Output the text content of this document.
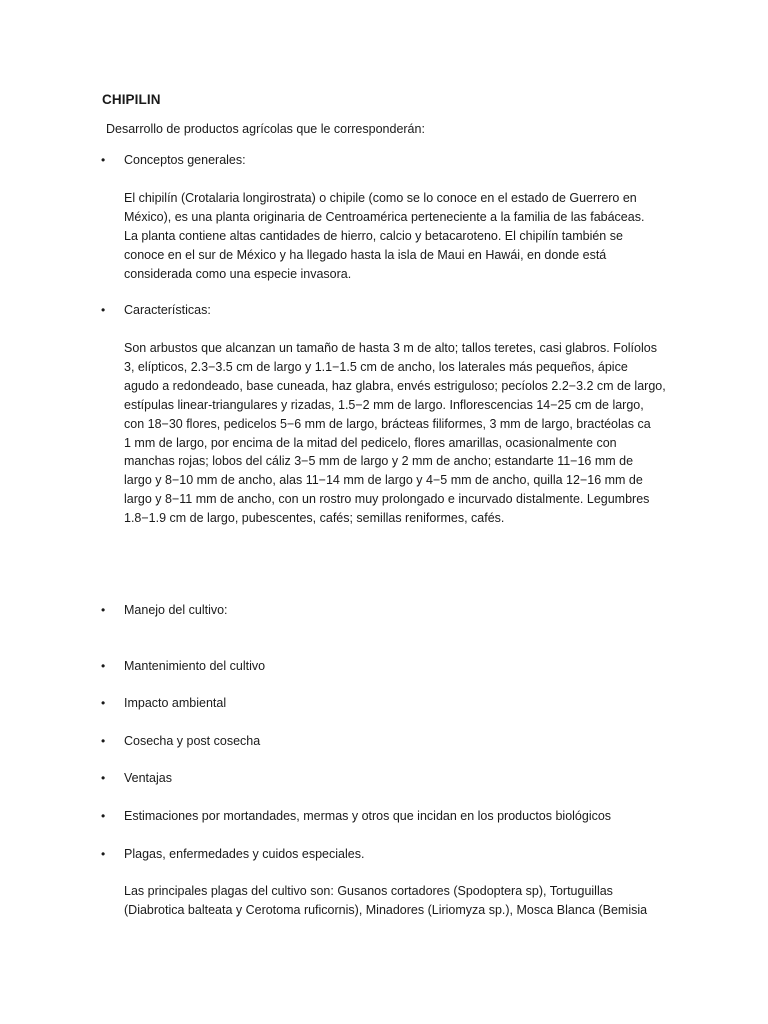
CHIPILIN
Desarrollo de productos agrícolas que le corresponderán:
• Conceptos generales:
El chipilín (Crotalaria longirostrata) o chipile (como se lo conoce en el estado de Guerrero en
México), es una planta originaria de Centroamérica perteneciente a la familia de las fabáceas.
La planta contiene altas cantidades de hierro, calcio y betacaroteno. El chipilín también se
conoce en el sur de México y ha llegado hasta la isla de Maui en Hawái, en donde está
considerada como una especie invasora.
• Características:
Son arbustos que alcanzan un tamaño de hasta 3 m de alto; tallos teretes, casi glabros. Folíolos
3, elípticos, 2.3−3.5 cm de largo y 1.1−1.5 cm de ancho, los laterales más pequeños, ápice
agudo a redondeado, base cuneada, haz glabra, envés estriguloso; pecíolos 2.2−3.2 cm de largo,
estípulas linear-triangulares y rizadas, 1.5−2 mm de largo. Inflorescencias 14−25 cm de largo,
con 18−30 flores, pedicelos 5−6 mm de largo, brácteas filiformes, 3 mm de largo, bractéolas ca
1 mm de largo, por encima de la mitad del pedicelo, flores amarillas, ocasionalmente con
manchas rojas; lobos del cáliz 3−5 mm de largo y 2 mm de ancho; estandarte 11−16 mm de
largo y 8−10 mm de ancho, alas 11−14 mm de largo y 4−5 mm de ancho, quilla 12−16 mm de
largo y 8−11 mm de ancho, con un rostro muy prolongado e incurvado distalmente. Legumbres
1.8−1.9 cm de largo, pubescentes, cafés; semillas reniformes, cafés.
• Manejo del cultivo:
• Mantenimiento del cultivo
• Impacto ambiental
• Cosecha y post cosecha
• Ventajas
• Estimaciones por mortandades, mermas y otros que incidan en los productos biológicos
• Plagas, enfermedades y cuidos especiales.
Las principales plagas del cultivo son: Gusanos cortadores (Spodoptera sp), Tortuguillas
(Diabrotica balteata y Cerotoma ruficornis), Minadores (Liriomyza sp.), Mosca Blanca (Bemisia
